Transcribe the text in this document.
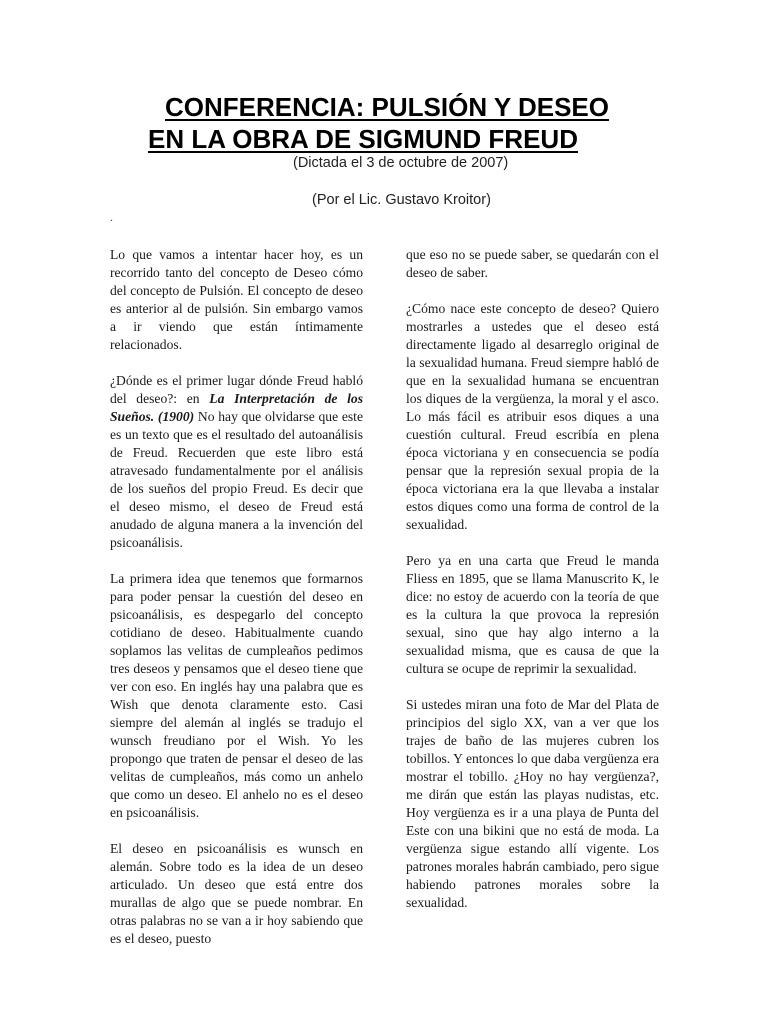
CONFERENCIA: PULSIÓN Y DESEO
EN LA OBRA DE SIGMUND FREUD
(Dictada el 3 de octubre de 2007)
(Por el Lic. Gustavo Kroitor)
.

Lo que vamos a intentar hacer hoy, es un recorrido tanto del concepto de Deseo cómo del concepto de Pulsión. El concepto de deseo es anterior al de pulsión. Sin embargo vamos a ir viendo que están íntimamente relacionados.

¿Dónde es el primer lugar dónde Freud habló del deseo?: en La Interpretación de los Sueños. (1900) No hay que olvidarse que este es un texto que es el resultado del autoanálisis de Freud. Recuerden que este libro está atravesado fundamentalmente por el análisis de los sueños del propio Freud. Es decir que el deseo mismo, el deseo de Freud está anudado de alguna manera a la invención del psicoanálisis.

La primera idea que tenemos que formarnos para poder pensar la cuestión del deseo en psicoanálisis, es despegarlo del concepto cotidiano de deseo. Habitualmente cuando soplamos las velitas de cumpleaños pedimos tres deseos y pensamos que el deseo tiene que ver con eso. En inglés hay una palabra que es Wish que denota claramente esto. Casi siempre del alemán al inglés se tradujo el wunsch freudiano por el Wish. Yo les propongo que traten de pensar el deseo de las velitas de cumpleaños, más como un anhelo que como un deseo. El anhelo no es el deseo en psicoanálisis.

El deseo en psicoanálisis es wunsch en alemán. Sobre todo es la idea de un deseo articulado. Un deseo que está entre dos murallas de algo que se puede nombrar. En otras palabras no se van a ir hoy sabiendo que es el deseo, puesto

que eso no se puede saber, se quedarán con el deseo de saber.

¿Cómo nace este concepto de deseo? Quiero mostrarles a ustedes que el deseo está directamente ligado al desarreglo original de la sexualidad humana. Freud siempre habló de que en la sexualidad humana se encuentran los diques de la vergüenza, la moral y el asco. Lo más fácil es atribuir esos diques a una cuestión cultural. Freud escribía en plena época victoriana y en consecuencia se podía pensar que la represión sexual propia de la época victoriana era la que llevaba a instalar estos diques como una forma de control de la sexualidad.

Pero ya en una carta que Freud le manda Fliess en 1895, que se llama Manuscrito K, le dice: no estoy de acuerdo con la teoría de que es la cultura la que provoca la represión sexual, sino que hay algo interno a la sexualidad misma, que es causa de que la cultura se ocupe de reprimir la sexualidad.

Si ustedes miran una foto de Mar del Plata de principios del siglo XX, van a ver que los trajes de baño de las mujeres cubren los tobillos. Y entonces lo que daba vergüenza era mostrar el tobillo. ¿Hoy no hay vergüenza?, me dirán que están las playas nudistas, etc. Hoy vergüenza es ir a una playa de Punta del Este con una bikini que no está de moda. La vergüenza sigue estando allí vigente. Los patrones morales habrán cambiado, pero sigue habiendo patrones morales sobre la sexualidad.
